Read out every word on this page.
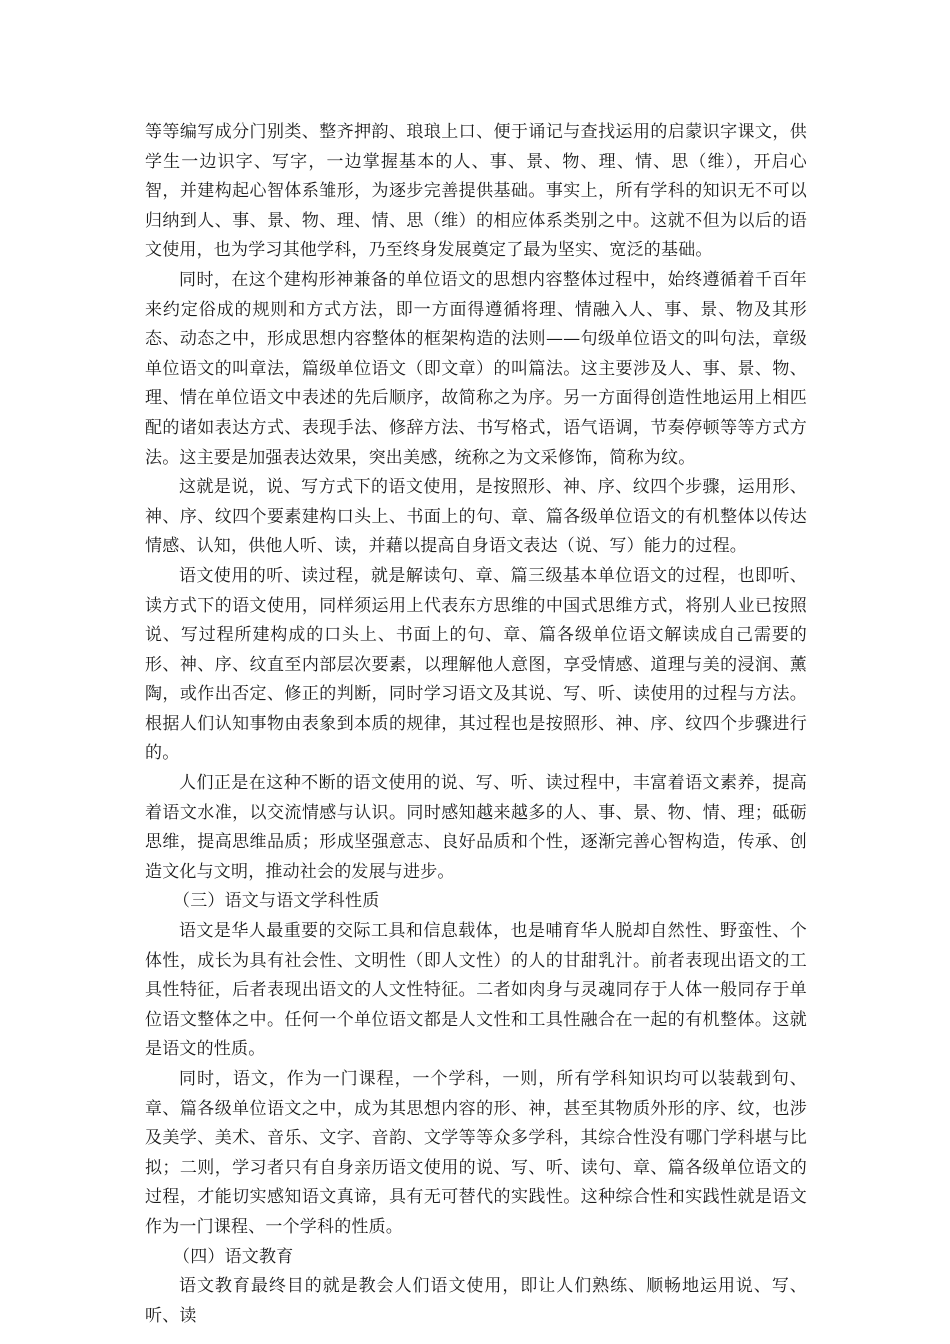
等等编写成分门别类、整齐押韵、琅琅上口、便于诵记与查找运用的启蒙识字课文，供学生一边识字、写字，一边掌握基本的人、事、景、物、理、情、思（维），开启心智，并建构起心智体系雏形，为逐步完善提供基础。事实上，所有学科的知识无不可以归纳到人、事、景、物、理、情、思（维）的相应体系类别之中。这就不但为以后的语文使用，也为学习其他学科，乃至终身发展奠定了最为坚实、宽泛的基础。

同时，在这个建构形神兼备的单位语文的思想内容整体过程中，始终遵循着千百年来约定俗成的规则和方式方法，即一方面得遵循将理、情融入人、事、景、物及其形态、动态之中，形成思想内容整体的框架构造的法则——句级单位语文的叫句法，章级单位语文的叫章法，篇级单位语文（即文章）的叫篇法。这主要涉及人、事、景、物、理、情在单位语文中表述的先后顺序，故简称之为序。另一方面得创造性地运用上相匹配的诸如表达方式、表现手法、修辞方法、书写格式，语气语调，节奏停顿等等方式方法。这主要是加强表达效果，突出美感，统称之为文采修饰，简称为纹。

这就是说，说、写方式下的语文使用，是按照形、神、序、纹四个步骤，运用形、神、序、纹四个要素建构口头上、书面上的句、章、篇各级单位语文的有机整体以传达情感、认知，供他人听、读，并藉以提高自身语文表达（说、写）能力的过程。

语文使用的听、读过程，就是解读句、章、篇三级基本单位语文的过程，也即听、读方式下的语文使用，同样须运用上代表东方思维的中国式思维方式，将别人业已按照说、写过程所建构成的口头上、书面上的句、章、篇各级单位语文解读成自己需要的形、神、序、纹直至内部层次要素，以理解他人意图，享受情感、道理与美的浸润、薰陶，或作出否定、修正的判断，同时学习语文及其说、写、听、读使用的过程与方法。根据人们认知事物由表象到本质的规律，其过程也是按照形、神、序、纹四个步骤进行的。

人们正是在这种不断的语文使用的说、写、听、读过程中，丰富着语文素养，提高着语文水准，以交流情感与认识。同时感知越来越多的人、事、景、物、情、理；砥砺思维，提高思维品质；形成坚强意志、良好品质和个性，逐渐完善心智构造，传承、创造文化与文明，推动社会的发展与进步。

（三）语文与语文学科性质

语文是华人最重要的交际工具和信息载体，也是哺育华人脱却自然性、野蛮性、个体性，成长为具有社会性、文明性（即人文性）的人的甘甜乳汁。前者表现出语文的工具性特征，后者表现出语文的人文性特征。二者如肉身与灵魂同存于人体一般同存于单位语文整体之中。任何一个单位语文都是人文性和工具性融合在一起的有机整体。这就是语文的性质。

同时，语文，作为一门课程，一个学科，一则，所有学科知识均可以装载到句、章、篇各级单位语文之中，成为其思想内容的形、神，甚至其物质外形的序、纹，也涉及美学、美术、音乐、文字、音韵、文学等等众多学科，其综合性没有哪门学科堪与比拟；二则，学习者只有自身亲历语文使用的说、写、听、读句、章、篇各级单位语文的过程，才能切实感知语文真谛，具有无可替代的实践性。这种综合性和实践性就是语文作为一门课程、一个学科的性质。

（四）语文教育

语文教育最终目的就是教会人们语文使用，即让人们熟练、顺畅地运用说、写、听、读
